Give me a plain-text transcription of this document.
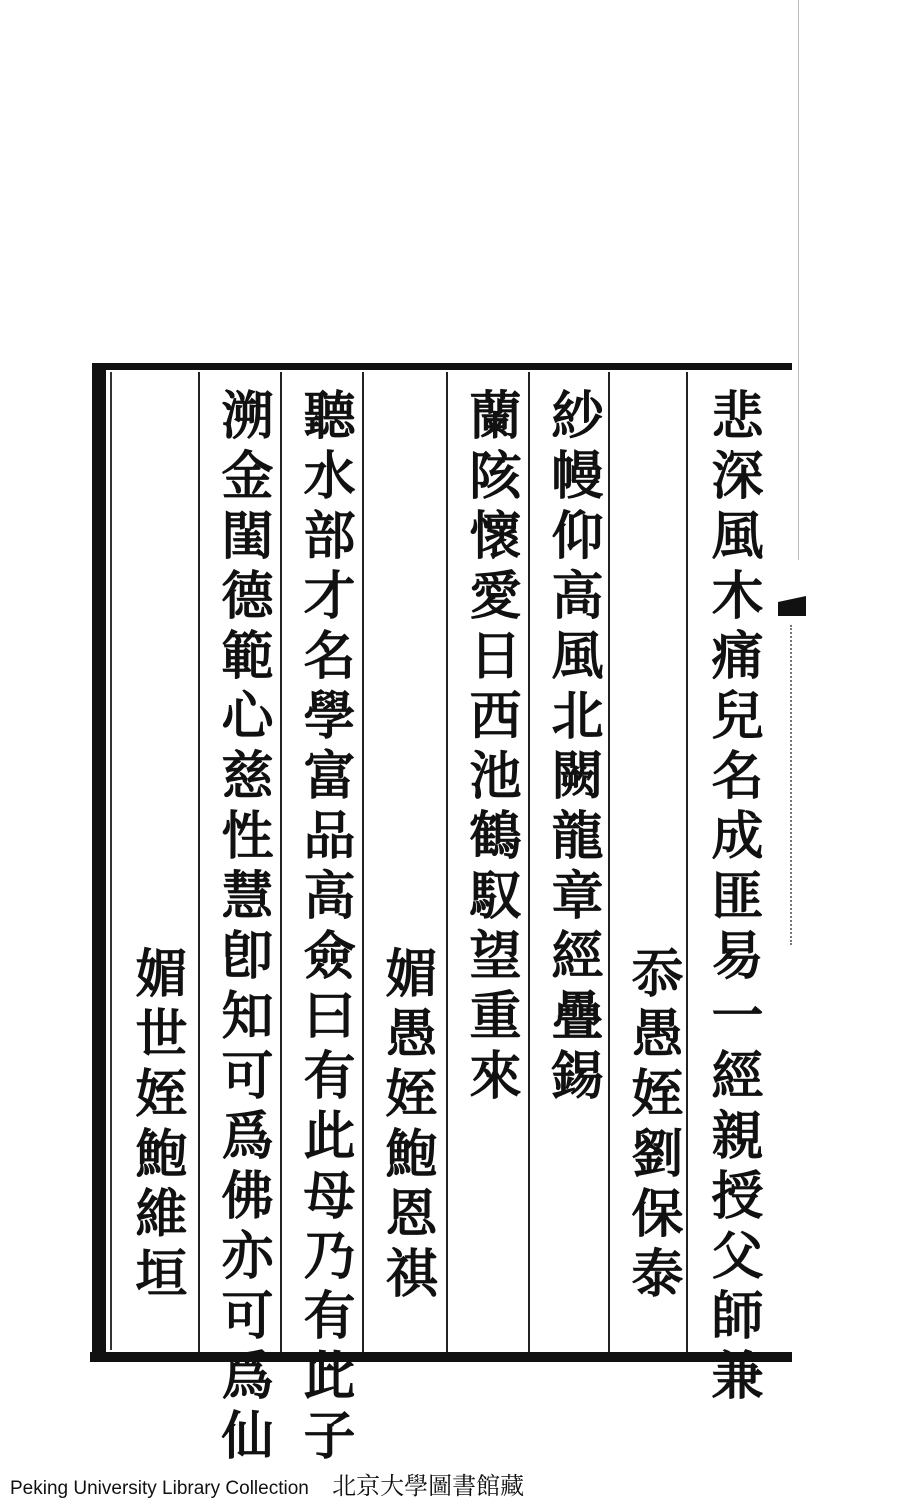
悲深風木痛兒名成匪易一經親授父師兼
忝愚姪劉保泰
紗幔仰高風北闕龍章經疊錫
蘭陔懷愛日西池鶴馭望重來
媚愚姪鮑恩祺
聽水部才名學富品高僉曰有此母乃有此子
溯金閨德範心慈性慧卽知可爲佛亦可爲仙
媚世姪鮑維垣
Peking University Library Collection 北京大學圖書館藏
